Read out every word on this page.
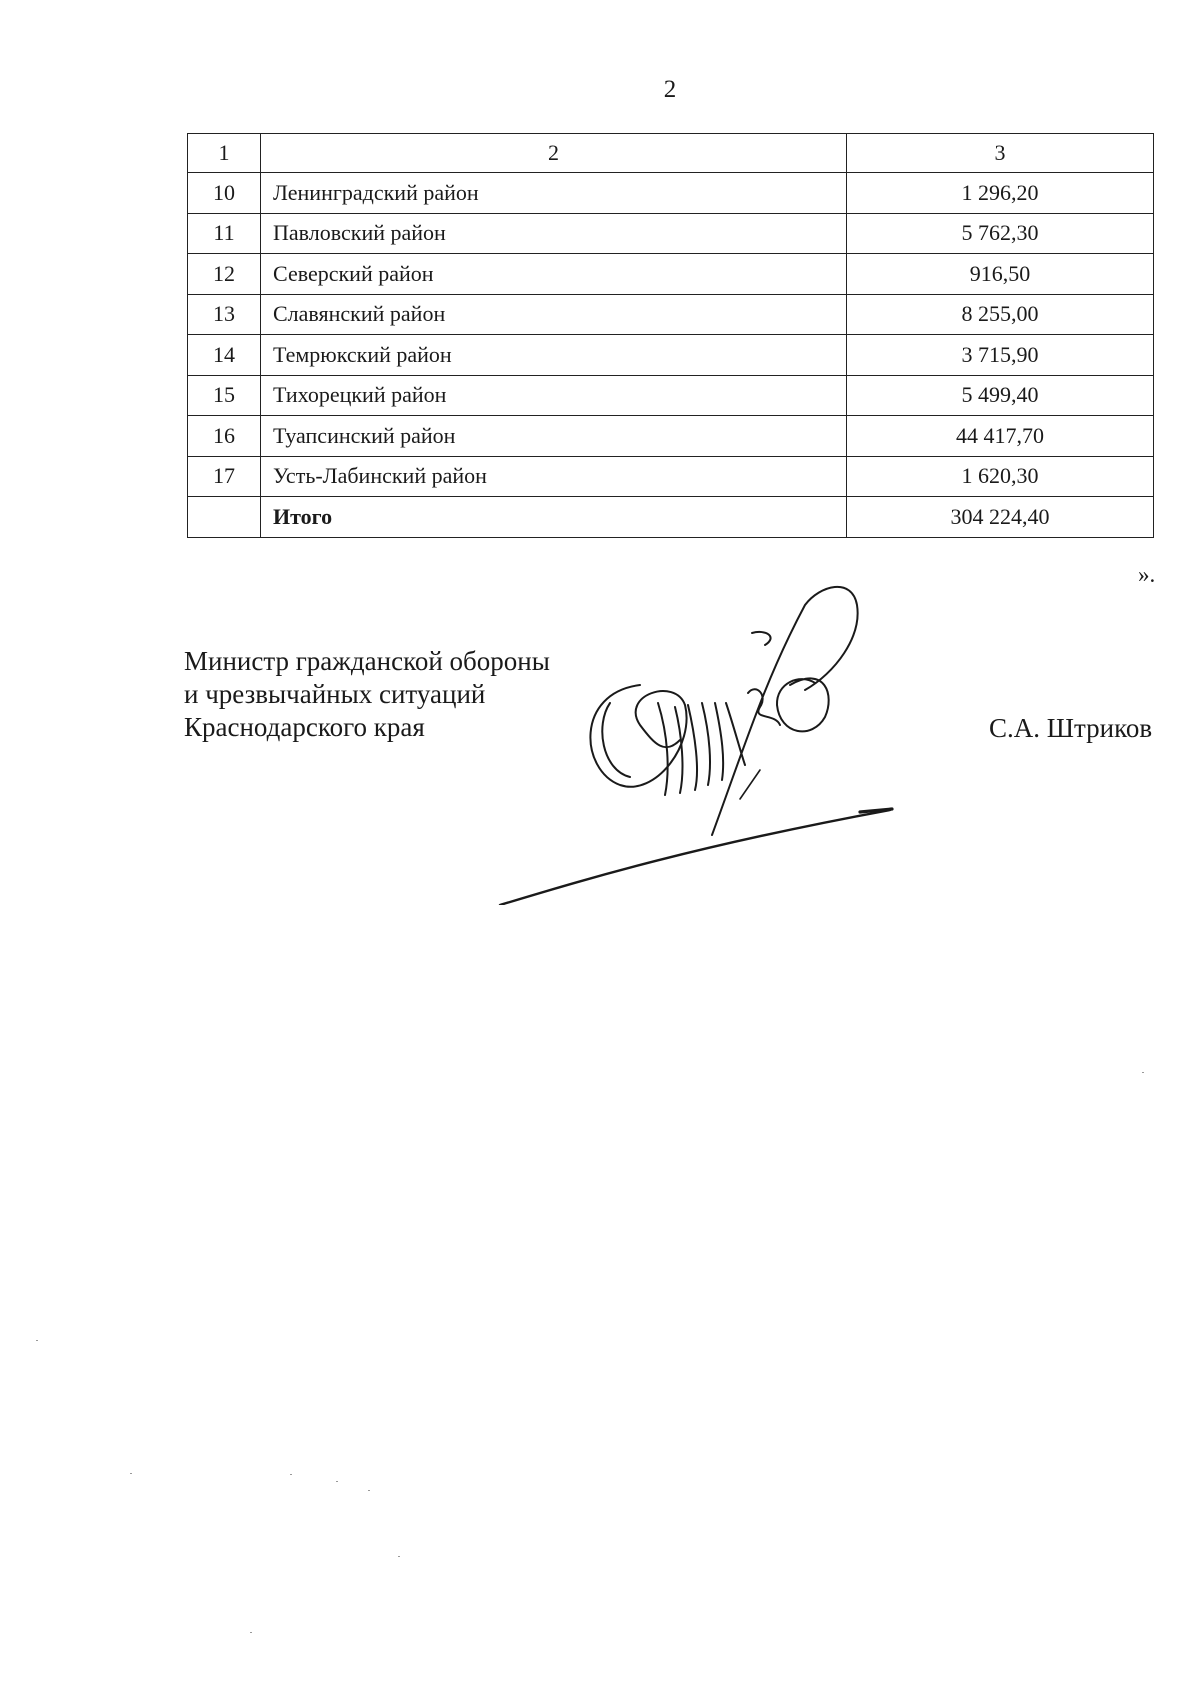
2
1	2	3
10	Ленинградский район	1 296,20
11	Павловский район	5 762,30
12	Северский район	916,50
13	Славянский район	8 255,00
14	Темрюкский район	3 715,90
15	Тихорецкий район	5 499,40
16	Туапсинский район	44 417,70
17	Усть-Лабинский район	1 620,30
	Итого	304 224,40
».
Министр гражданской обороны
и чрезвычайных ситуаций
Краснодарского края	С.А. Штриков
